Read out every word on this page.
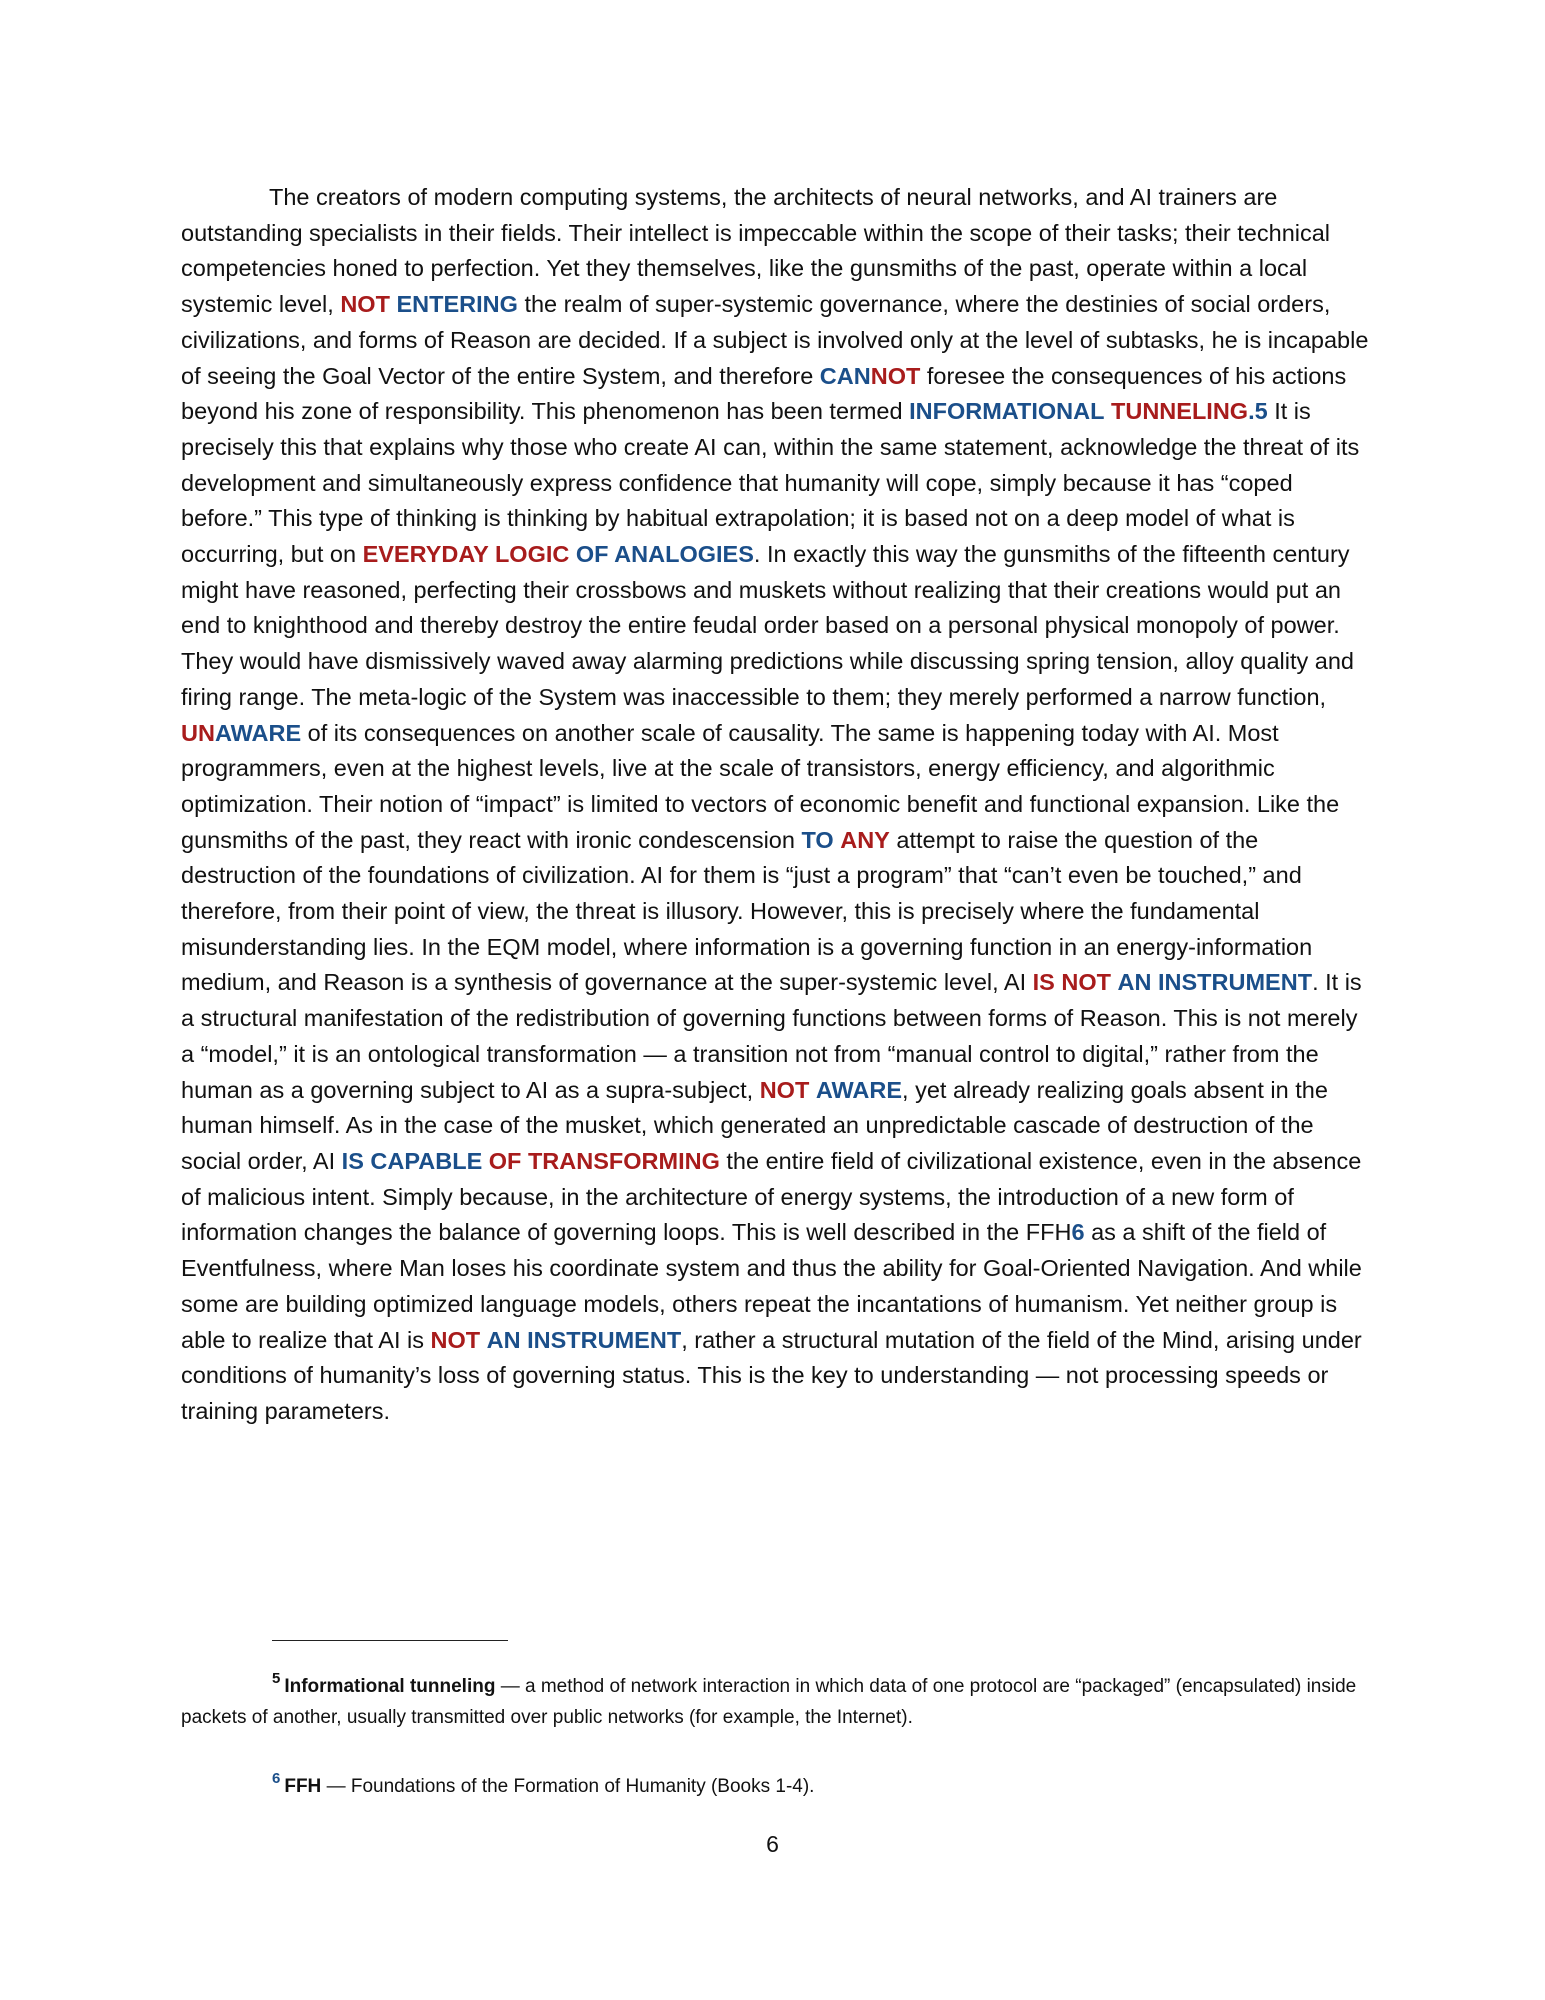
The creators of modern computing systems, the architects of neural networks, and AI trainers are outstanding specialists in their fields. Their intellect is impeccable within the scope of their tasks; their technical competencies honed to perfection. Yet they themselves, like the gunsmiths of the past, operate within a local systemic level, NOT ENTERING the realm of super-systemic governance, where the destinies of social orders, civilizations, and forms of Reason are decided. If a subject is involved only at the level of subtasks, he is incapable of seeing the Goal Vector of the entire System, and therefore CANNOT foresee the consequences of his actions beyond his zone of responsibility. This phenomenon has been termed INFORMATIONAL TUNNELING.5 It is precisely this that explains why those who create AI can, within the same statement, acknowledge the threat of its development and simultaneously express confidence that humanity will cope, simply because it has “coped before.” This type of thinking is thinking by habitual extrapolation; it is based not on a deep model of what is occurring, but on EVERYDAY LOGIC OF ANALOGIES. In exactly this way the gunsmiths of the fifteenth century might have reasoned, perfecting their crossbows and muskets without realizing that their creations would put an end to knighthood and thereby destroy the entire feudal order based on a personal physical monopoly of power. They would have dismissively waved away alarming predictions while discussing spring tension, alloy quality and firing range. The meta-logic of the System was inaccessible to them; they merely performed a narrow function, UNAWARE of its consequences on another scale of causality. The same is happening today with AI. Most programmers, even at the highest levels, live at the scale of transistors, energy efficiency, and algorithmic optimization. Their notion of “impact” is limited to vectors of economic benefit and functional expansion. Like the gunsmiths of the past, they react with ironic condescension TO ANY attempt to raise the question of the destruction of the foundations of civilization. AI for them is “just a program” that “can’t even be touched,” and therefore, from their point of view, the threat is illusory. However, this is precisely where the fundamental misunderstanding lies. In the EQM model, where information is a governing function in an energy-information medium, and Reason is a synthesis of governance at the super-systemic level, AI IS NOT AN INSTRUMENT. It is a structural manifestation of the redistribution of governing functions between forms of Reason. This is not merely a “model,” it is an ontological transformation — a transition not from “manual control to digital,” rather from the human as a governing subject to AI as a supra-subject, NOT AWARE, yet already realizing goals absent in the human himself. As in the case of the musket, which generated an unpredictable cascade of destruction of the social order, AI IS CAPABLE OF TRANSFORMING the entire field of civilizational existence, even in the absence of malicious intent. Simply because, in the architecture of energy systems, the introduction of a new form of information changes the balance of governing loops. This is well described in the FFH6 as a shift of the field of Eventfulness, where Man loses his coordinate system and thus the ability for Goal-Oriented Navigation. And while some are building optimized language models, others repeat the incantations of humanism. Yet neither group is able to realize that AI is NOT AN INSTRUMENT, rather a structural mutation of the field of the Mind, arising under conditions of humanity’s loss of governing status. This is the key to understanding — not processing speeds or training parameters.

$^5$ Informational tunneling — a method of network interaction in which data of one protocol are “packaged” (encapsulated) inside packets of another, usually transmitted over public networks (for example, the Internet).

$^6$ FFH — Foundations of the Formation of Humanity (Books 1-4).

6
